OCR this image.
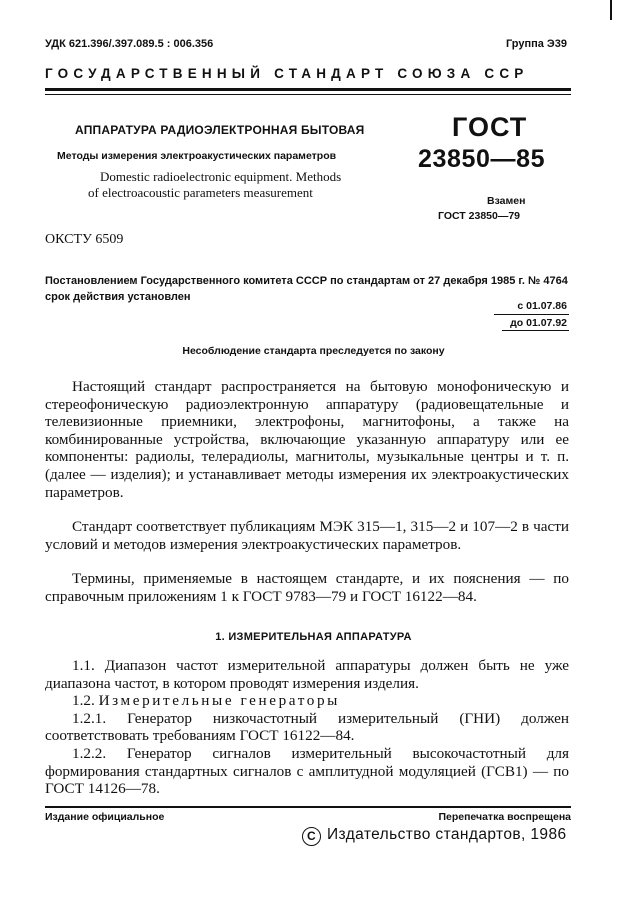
УДК 621.396/.397.089.5 : 006.356	Группа Э39
ГОСУДАРСТВЕННЫЙ СТАНДАРТ СОЮЗА ССР
АППАРАТУРА РАДИОЭЛЕКТРОННАЯ БЫТОВАЯ
Методы измерения электроакустических параметров
Domestic radioelectronic equipment. Methods
of electroacoustic parameters measurement
ГОСТ
23850—85
Взамен
ГОСТ 23850—79
ОКСТУ 6509
Постановлением Государственного комитета СССР по стандартам от 27 декабря 1985 г. № 4764 срок действия установлен
с 01.07.86
до 01.07.92
Несоблюдение стандарта преследуется по закону
Настоящий стандарт распространяется на бытовую монофоническую и стереофоническую радиоэлектронную аппаратуру (радиовещательные и телевизионные приемники, электрофоны, магнитофоны, а также на комбинированные устройства, включающие указанную аппаратуру или ее компоненты: радиолы, телерадиолы, магнитолы, музыкальные центры и т. п. (далее — изделия); и устанавливает методы измерения их электроакустических параметров.
Стандарт соответствует публикациям МЭК 315—1, 315—2 и 107—2 в части условий и методов измерения электроакустических параметров.
Термины, применяемые в настоящем стандарте, и их пояснения — по справочным приложениям 1 к ГОСТ 9783—79 и ГОСТ 16122—84.
1. ИЗМЕРИТЕЛЬНАЯ АППАРАТУРА
1.1. Диапазон частот измерительной аппаратуры должен быть не уже диапазона частот, в котором проводят измерения изделия.
1.2. Измерительные генераторы
1.2.1. Генератор низкочастотный измерительный (ГНИ) должен соответствовать требованиям ГОСТ 16122—84.
1.2.2. Генератор сигналов измерительный высокочастотный для формирования стандартных сигналов с амплитудной модуляцией (ГСВ1) — по ГОСТ 14126—78.
Издание официальное	Перепечатка воспрещена
C Издательство стандартов, 1986
